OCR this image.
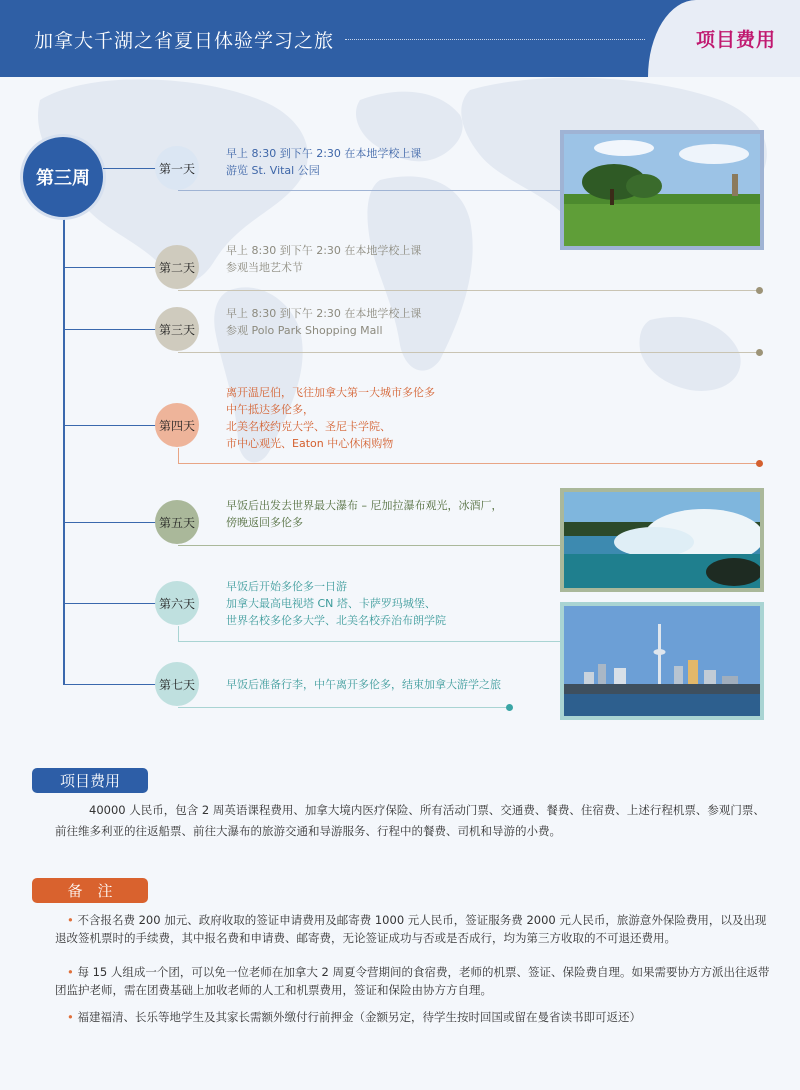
加拿大千湖之省夏日体验学习之旅	项目费用
第三周	第一天
早上 8:30 到下午 2:30 在本地学校上课
游览 St. Vital 公园
第二天
早上 8:30 到下午 2:30 在本地学校上课
参观当地艺术节
第三天
早上 8:30 到下午 2:30 在本地学校上课
参观 Polo Park Shopping Mall
第四天
离开温尼伯，飞往加拿大第一大城市多伦多
中午抵达多伦多，
北美名校约克大学、圣尼卡学院、
市中心观光、Eaton 中心休闲购物
第五天
早饭后出发去世界最大瀑布 – 尼加拉瀑布观光，冰酒厂，
傍晚返回多伦多
第六天
早饭后开始多伦多一日游
加拿大最高电视塔 CN 塔、卡萨罗玛城堡、
世界名校多伦多大学、北美名校乔治布朗学院
第七天	早饭后准备行李，中午离开多伦多，结束加拿大游学之旅
项目费用
40000 人民币，包含 2 周英语课程费用、加拿大境内医疗保险、所有活动门票、交通费、餐费、住宿费、上述行程机票、参观门票、前往维多利亚的往返船票、前往大瀑布的旅游交通和导游服务、行程中的餐费、司机和导游的小费。
备　注
• 不含报名费 200 加元、政府收取的签证申请费用及邮寄费 1000 元人民币，签证服务费 2000 元人民币，旅游意外保险费用，以及出现退改签机票时的手续费，其中报名费和申请费、邮寄费，无论签证成功与否或是否成行，均为第三方收取的不可退还费用。
• 每 15 人组成一个团，可以免一位老师在加拿大 2 周夏令营期间的食宿费，老师的机票、签证、保险费自理。如果需要协方方派出往返带团监护老师，需在团费基础上加收老师的人工和机票费用，签证和保险由协方方自理。
• 福建福清、长乐等地学生及其家长需额外缴付行前押金（金额另定，待学生按时回国或留在曼省读书即可返还）
